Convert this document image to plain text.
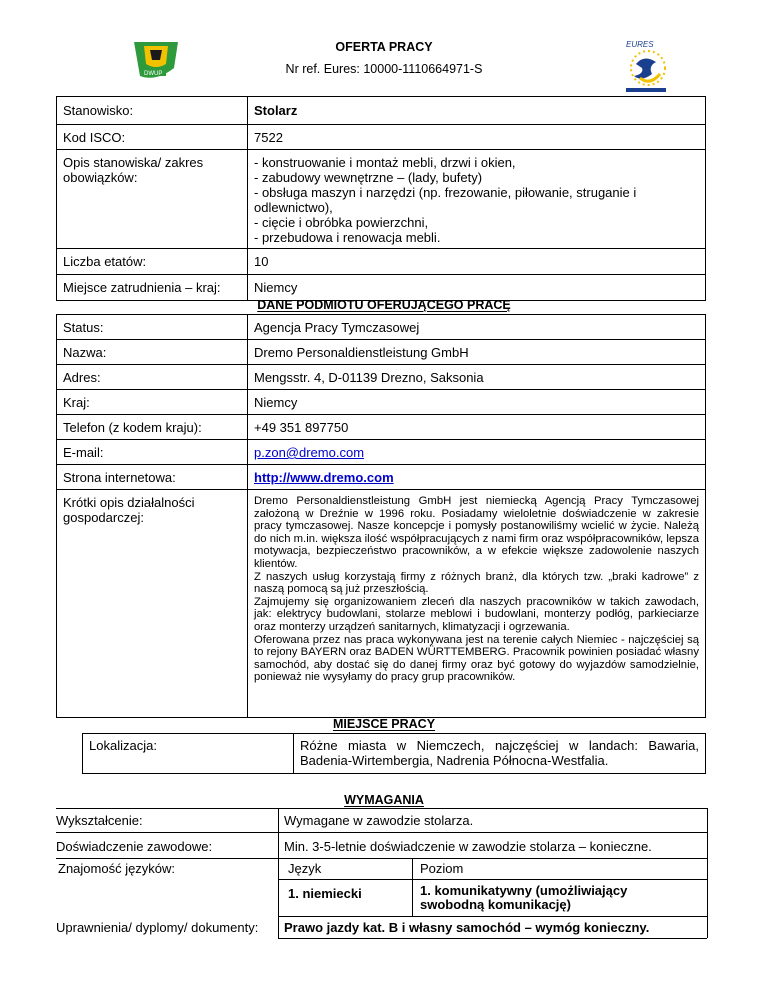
DWUP
EURES
OFERTA PRACY
Nr ref. Eures: 10000-1110664971-S
Stanowisko:	Stolarz
Kod ISCO:	7522
Opis stanowiska/ zakres obowiązków:	- konstruowanie i montaż mebli, drzwi i okien,
- zabudowy wewnętrzne – (lady, bufety)
- obsługa maszyn i narzędzi (np. frezowanie, piłowanie, struganie i odlewnictwo),
- cięcie i obróbka powierzchni,
- przebudowa i renowacja mebli.
Liczba etatów:	10
Miejsce zatrudnienia – kraj:	Niemcy
DANE PODMIOTU OFERUJĄCEGO PRACĘ
Status:	Agencja Pracy Tymczasowej
Nazwa:	Dremo Personaldienstleistung GmbH
Adres:	Mengsstr. 4, D-01139 Drezno, Saksonia
Kraj:	Niemcy
Telefon (z kodem kraju):	+49 351 897750
E-mail:	p.zon@dremo.com
Strona internetowa:	http://www.dremo.com
Krótki opis działalności gospodarczej:	Dremo Personaldienstleistung GmbH jest niemiecką Agencją Pracy Tymczasowej założoną w Dreźnie w 1996 roku. Posiadamy wieloletnie doświadczenie w zakresie pracy tymczasowej. Nasze koncepcje i pomysły postanowiliśmy wcielić w życie. Należą do nich m.in. większa ilość współpracujących z nami firm oraz współpracowników, lepsza motywacja, bezpieczeństwo pracowników, a w efekcie większe zadowolenie naszych klientów.
Z naszych usług korzystają firmy z różnych branż, dla których tzw. „braki kadrowe” z naszą pomocą są już przeszłością.
Zajmujemy się organizowaniem zleceń dla naszych pracowników w takich zawodach, jak: elektrycy budowlani, stolarze meblowi i budowlani, monterzy podłóg, parkieciarze oraz monterzy urządzeń sanitarnych, klimatyzacji i ogrzewania.
Oferowana przez nas praca wykonywana jest na terenie całych Niemiec - najczęściej są to rejony BAYERN oraz BADEN WÜRTTEMBERG. Pracownik powinien posiadać własny samochód, aby dostać się do danej firmy oraz być gotowy do wyjazdów samodzielnie, ponieważ nie wysyłamy do pracy grup pracowników.
MIEJSCE PRACY
Lokalizacja:	Różne miasta w Niemczech, najczęściej w landach: Bawaria, Badenia-Wirtembergia, Nadrenia Północna-Westfalia.
WYMAGANIA
Wykształcenie:	Wymagane w zawodzie stolarza.
Doświadczenie zawodowe:	Min. 3-5-letnie doświadczenie w zawodzie stolarza – konieczne.
Znajomość języków:	Język	Poziom
1. niemiecki	1. komunikatywny (umożliwiający swobodną komunikację)
Uprawnienia/ dyplomy/ dokumenty: Prawo jazdy kat. B i własny samochód – wymóg konieczny.
